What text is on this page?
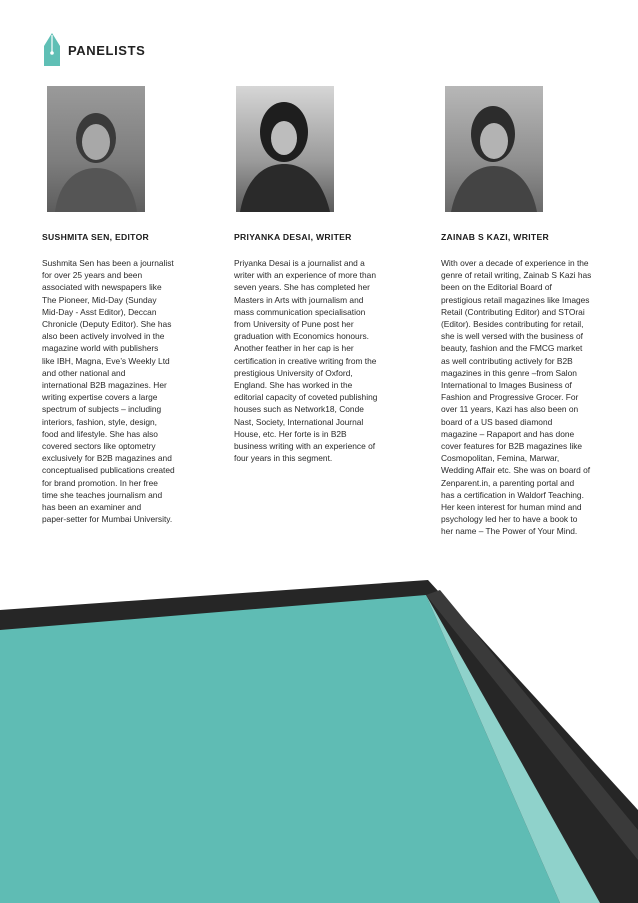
PANELISTS
SUSHMITA SEN, EDITOR
Sushmita Sen has been a journalist
for over 25 years and been
associated with newspapers like
The Pioneer, Mid-Day (Sunday
Mid-Day - Asst Editor), Deccan
Chronicle (Deputy Editor). She has
also been actively involved in the
magazine world with publishers
like IBH, Magna, Eve’s Weekly Ltd
and other national and
international B2B magazines. Her
writing expertise covers a large
spectrum of subjects – including
interiors, fashion, style, design,
food and lifestyle. She has also
covered sectors like optometry
exclusively for B2B magazines and
conceptualised publications created
for brand promotion. In her free
time she teaches journalism and
has been an examiner and
paper-setter for Mumbai University.
PRIYANKA DESAI, WRITER
Priyanka Desai is a journalist and a
writer with an experience of more than
seven years. She has completed her
Masters in Arts with journalism and
mass communication specialisation
from University of Pune post her
graduation with Economics honours.
Another feather in her cap is her
certification in creative writing from the
prestigious University of Oxford,
England. She has worked in the
editorial capacity of coveted publishing
houses such as Network18, Conde
Nast, Society, International Journal
House, etc. Her forte is in B2B
business writing with an experience of
four years in this segment.
ZAINAB S KAZI, WRITER
With over a decade of experience in the
genre of retail writing, Zainab S Kazi has
been on the Editorial Board of
prestigious retail magazines like Images
Retail (Contributing Editor) and STOrai
(Editor). Besides contributing for retail,
she is well versed with the business of
beauty, fashion and the FMCG market
as well contributing actively for B2B
magazines in this genre –from Salon
International to Images Business of
Fashion and Progressive Grocer. For
over 11 years, Kazi has also been on
board of a US based diamond
magazine – Rapaport and has done
cover features for B2B magazines like
Cosmopolitan, Femina, Marwar,
Wedding Affair etc. She was on board of
Zenparent.in, a parenting portal and
has a certification in Waldorf Teaching.
Her keen interest for human mind and
psychology led her to have a book to
her name – The Power of Your Mind.
